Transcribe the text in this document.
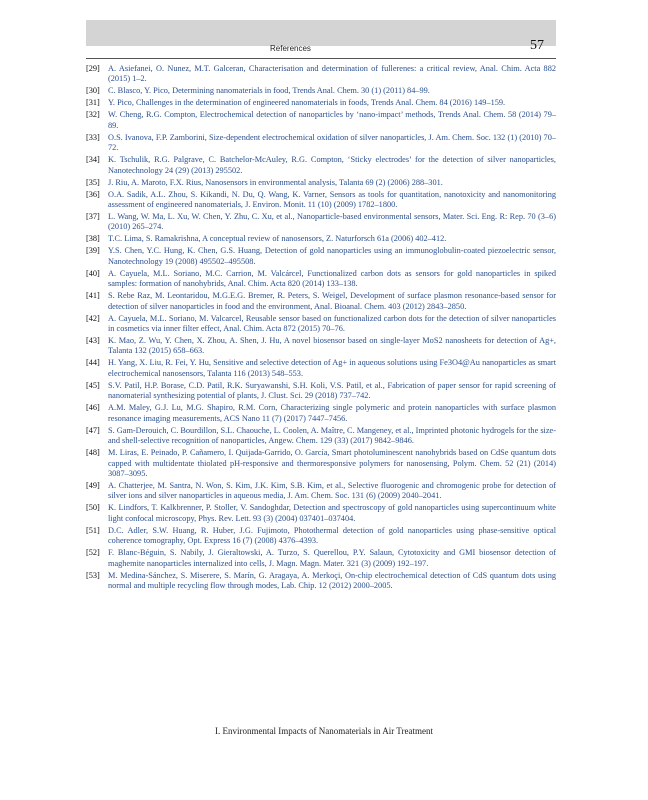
References	57
[29] A. Asiefanei, O. Nunez, M.T. Galceran, Characterisation and determination of fullerenes: a critical review, Anal. Chim. Acta 882 (2015) 1–2.
[30] C. Blasco, Y. Pico, Determining nanomaterials in food, Trends Anal. Chem. 30 (1) (2011) 84–99.
[31] Y. Pico, Challenges in the determination of engineered nanomaterials in foods, Trends Anal. Chem. 84 (2016) 149–159.
[32] W. Cheng, R.G. Compton, Electrochemical detection of nanoparticles by ‘nano-impact’ methods, Trends Anal. Chem. 58 (2014) 79–89.
[33] O.S. Ivanova, F.P. Zamborini, Size-dependent electrochemical oxidation of silver nanoparticles, J. Am. Chem. Soc. 132 (1) (2010) 70–72.
[34] K. Tschulik, R.G. Palgrave, C. Batchelor-McAuley, R.G. Compton, ‘Sticky electrodes’ for the detection of silver nanoparticles, Nanotechnology 24 (29) (2013) 295502.
[35] J. Riu, A. Maroto, F.X. Rius, Nanosensors in environmental analysis, Talanta 69 (2) (2006) 288–301.
[36] O.A. Sadik, A.L. Zhou, S. Kikandi, N. Du, Q. Wang, K. Varner, Sensors as tools for quantitation, nanotoxicity and nanomonitoring assessment of engineered nanomaterials, J. Environ. Monit. 11 (10) (2009) 1782–1800.
[37] L. Wang, W. Ma, L. Xu, W. Chen, Y. Zhu, C. Xu, et al., Nanoparticle-based environmental sensors, Mater. Sci. Eng. R: Rep. 70 (3–6) (2010) 265–274.
[38] T.C. Lima, S. Ramakrishna, A conceptual review of nanosensors, Z. Naturforsch 61a (2006) 402–412.
[39] Y.S. Chen, Y.C. Hung, K. Chen, G.S. Huang, Detection of gold nanoparticles using an immunoglobulin-coated piezoelectric sensor, Nanotechnology 19 (2008) 495502–495508.
[40] A. Cayuela, M.L. Soriano, M.C. Carrion, M. Valcárcel, Functionalized carbon dots as sensors for gold nanoparticles in spiked samples: formation of nanohybrids, Anal. Chim. Acta 820 (2014) 133–138.
[41] S. Rebe Raz, M. Leontaridou, M.G.E.G. Bremer, R. Peters, S. Weigel, Development of surface plasmon resonance-based sensor for detection of silver nanoparticles in food and the environment, Anal. Bioanal. Chem. 403 (2012) 2843–2850.
[42] A. Cayuela, M.L. Soriano, M. Valcarcel, Reusable sensor based on functionalized carbon dots for the detection of silver nanoparticles in cosmetics via inner filter effect, Anal. Chim. Acta 872 (2015) 70–76.
[43] K. Mao, Z. Wu, Y. Chen, X. Zhou, A. Shen, J. Hu, A novel biosensor based on single-layer MoS2 nanosheets for detection of Ag+, Talanta 132 (2015) 658–663.
[44] H. Yang, X. Liu, R. Fei, Y. Hu, Sensitive and selective detection of Ag+ in aqueous solutions using Fe3O4@Au nanoparticles as smart electrochemical nanosensors, Talanta 116 (2013) 548–553.
[45] S.V. Patil, H.P. Borase, C.D. Patil, R.K. Suryawanshi, S.H. Koli, V.S. Patil, et al., Fabrication of paper sensor for rapid screening of nanomaterial synthesizing potential of plants, J. Clust. Sci. 29 (2018) 737–742.
[46] A.M. Maley, G.J. Lu, M.G. Shapiro, R.M. Corn, Characterizing single polymeric and protein nanoparticles with surface plasmon resonance imaging measurements, ACS Nano 11 (7) (2017) 7447–7456.
[47] S. Gam-Derouich, C. Bourdillon, S.L. Chaouche, L. Coolen, A. Maître, C. Mangeney, et al., Imprinted photonic hydrogels for the size- and shell-selective recognition of nanoparticles, Angew. Chem. 129 (33) (2017) 9842–9846.
[48] M. Liras, E. Peinado, P. Cañamero, I. Quijada-Garrido, O. García, Smart photoluminescent nanohybrids based on CdSe quantum dots capped with multidentate thiolated pH-responsive and thermoresponsive polymers for nanosensing, Polym. Chem. 52 (21) (2014) 3087–3095.
[49] A. Chatterjee, M. Santra, N. Won, S. Kim, J.K. Kim, S.B. Kim, et al., Selective fluorogenic and chromogenic probe for detection of silver ions and silver nanoparticles in aqueous media, J. Am. Chem. Soc. 131 (6) (2009) 2040–2041.
[50] K. Lindfors, T. Kalkbrenner, P. Stoller, V. Sandoghdar, Detection and spectroscopy of gold nanoparticles using supercontinuum white light confocal microscopy, Phys. Rev. Lett. 93 (3) (2004) 037401–037404.
[51] D.C. Adler, S.W. Huang, R. Huber, J.G. Fujimoto, Photothermal detection of gold nanoparticles using phase-sensitive optical coherence tomography, Opt. Express 16 (7) (2008) 4376–4393.
[52] F. Blanc-Béguin, S. Nabily, J. Gieraltowski, A. Turzo, S. Querellou, P.Y. Salaun, Cytotoxicity and GMI biosensor detection of maghemite nanoparticles internalized into cells, J. Magn. Magn. Mater. 321 (3) (2009) 192–197.
[53] M. Medina-Sánchez, S. Miserere, S. Marín, G. Aragaya, A. Merkoçi, On-chip electrochemical detection of CdS quantum dots using normal and multiple recycling flow through modes, Lab. Chip. 12 (2012) 2000–2005.
I. Environmental Impacts of Nanomaterials in Air Treatment
